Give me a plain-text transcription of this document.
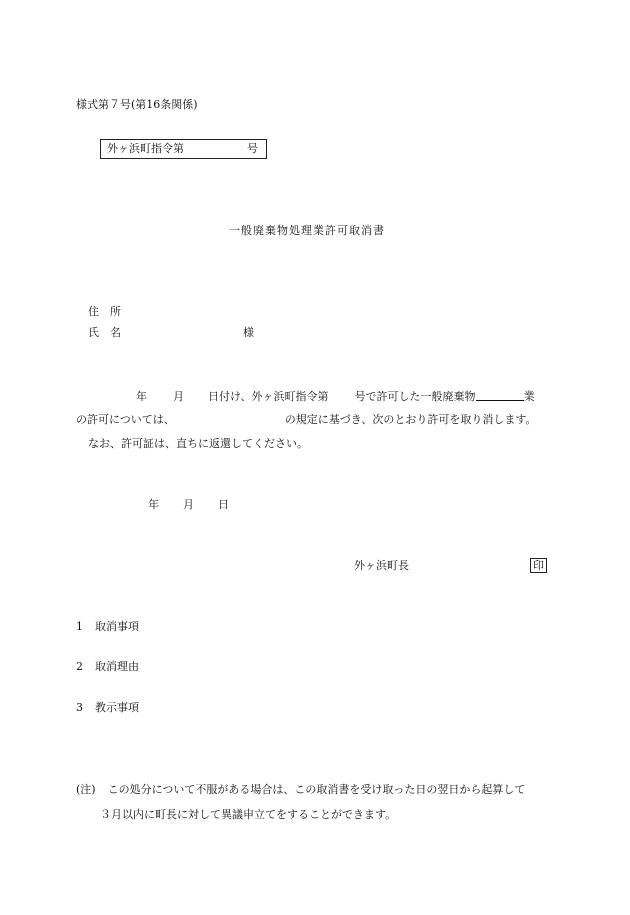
様式第７号(第16条関係)
外ヶ浜町指令第	号
一般廃棄物処理業許可取消書
住　所
氏　名	様
年 月 日付け、外ヶ浜町指令第 号で許可した一般廃棄物	業
の許可については、	の規定に基づき、次のとおり許可を取り消します。
なお、許可証は、直ちに返還してください。
年 月 日
外ヶ浜町長	印
1 取消事項
2 取消理由
3 教示事項
(注) この処分について不服がある場合は、この取消書を受け取った日の翌日から起算して
３月以内に町長に対して異議申立てをすることができます。
